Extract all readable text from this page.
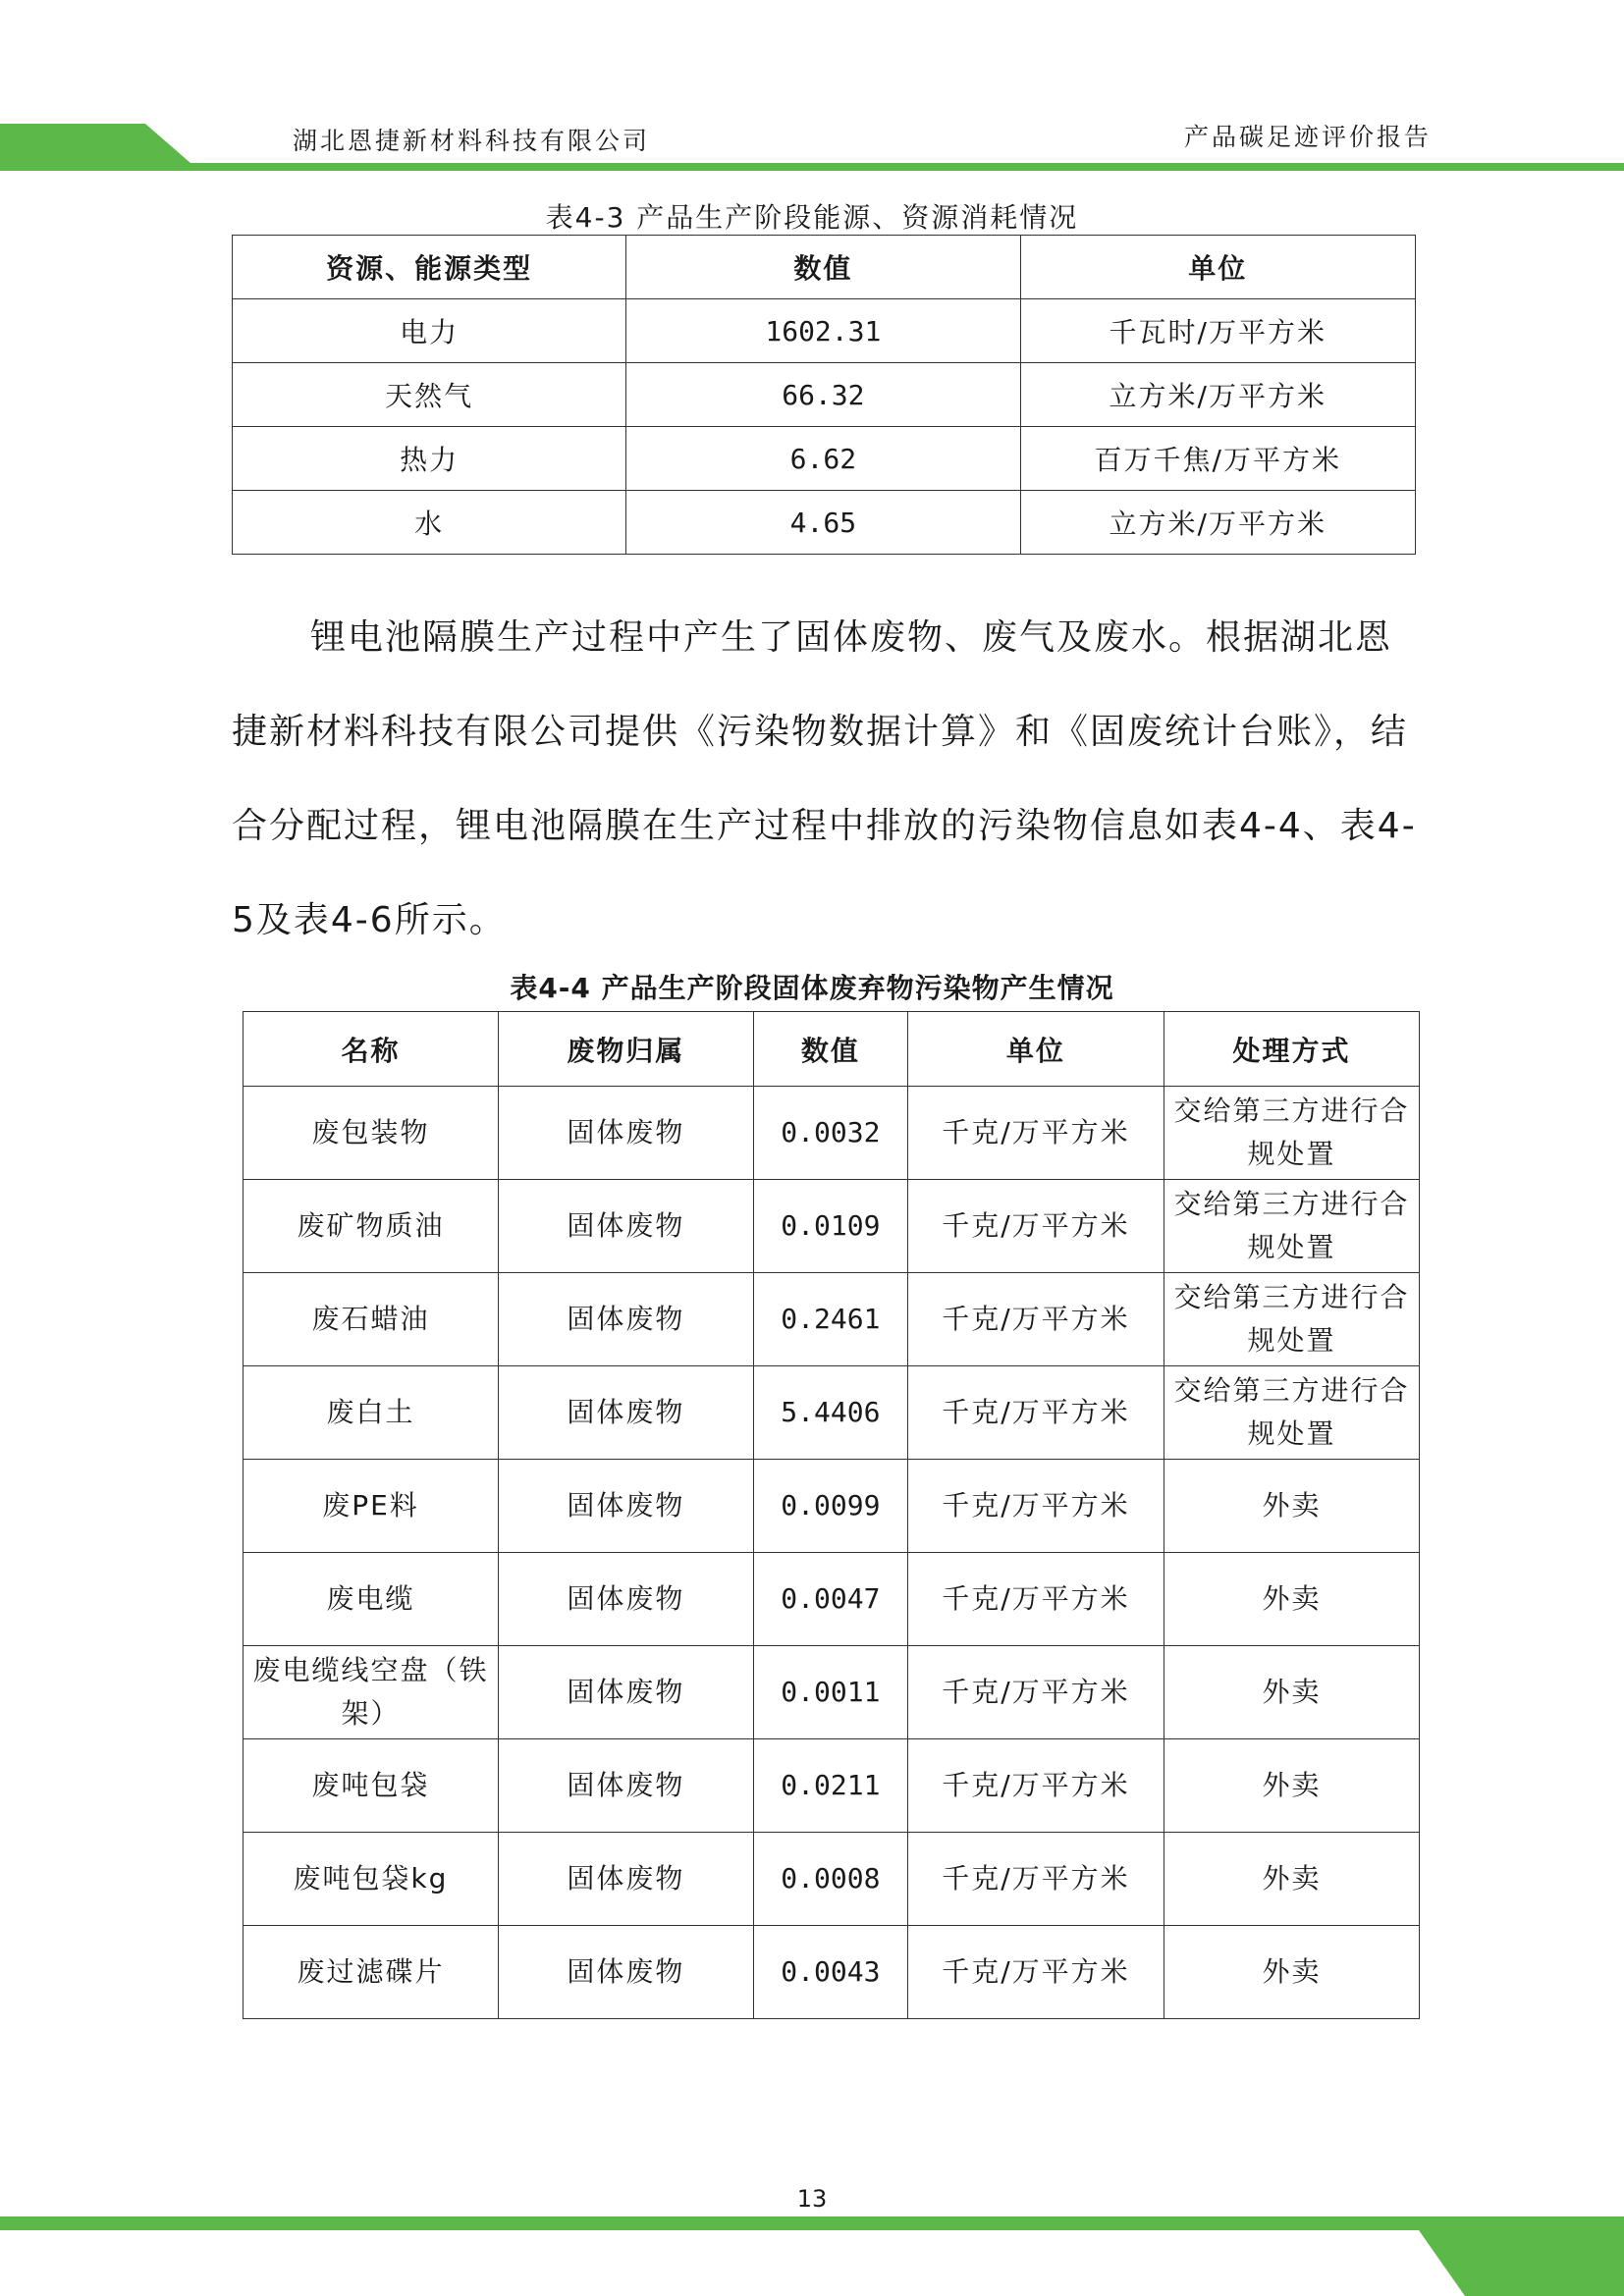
湖北恩捷新材料科技有限公司	产品碳足迹评价报告
表4-3 产品生产阶段能源、资源消耗情况
资源、能源类型	数值	单位
电力	1602.31	千瓦时/万平方米
天然气	66.32	立方米/万平方米
热力	6.62	百万千焦/万平方米
水	4.65	立方米/万平方米

锂电池隔膜生产过程中产生了固体废物、废气及废水。根据湖北恩捷新材料科技有限公司提供《污染物数据计算》和《固废统计台账》，结合分配过程，锂电池隔膜在生产过程中排放的污染物信息如表4-4、表4-5及表4-6所示。

表4-4 产品生产阶段固体废弃物污染物产生情况
名称	废物归属	数值	单位	处理方式
废包装物	固体废物	0.0032	千克/万平方米	交给第三方进行合规处置
废矿物质油	固体废物	0.0109	千克/万平方米	交给第三方进行合规处置
废石蜡油	固体废物	0.2461	千克/万平方米	交给第三方进行合规处置
废白土	固体废物	5.4406	千克/万平方米	交给第三方进行合规处置
废PE料	固体废物	0.0099	千克/万平方米	外卖
废电缆	固体废物	0.0047	千克/万平方米	外卖
废电缆线空盘（铁架）	固体废物	0.0011	千克/万平方米	外卖
废吨包袋	固体废物	0.0211	千克/万平方米	外卖
废吨包袋kg	固体废物	0.0008	千克/万平方米	外卖
废过滤碟片	固体废物	0.0043	千克/万平方米	外卖
13
